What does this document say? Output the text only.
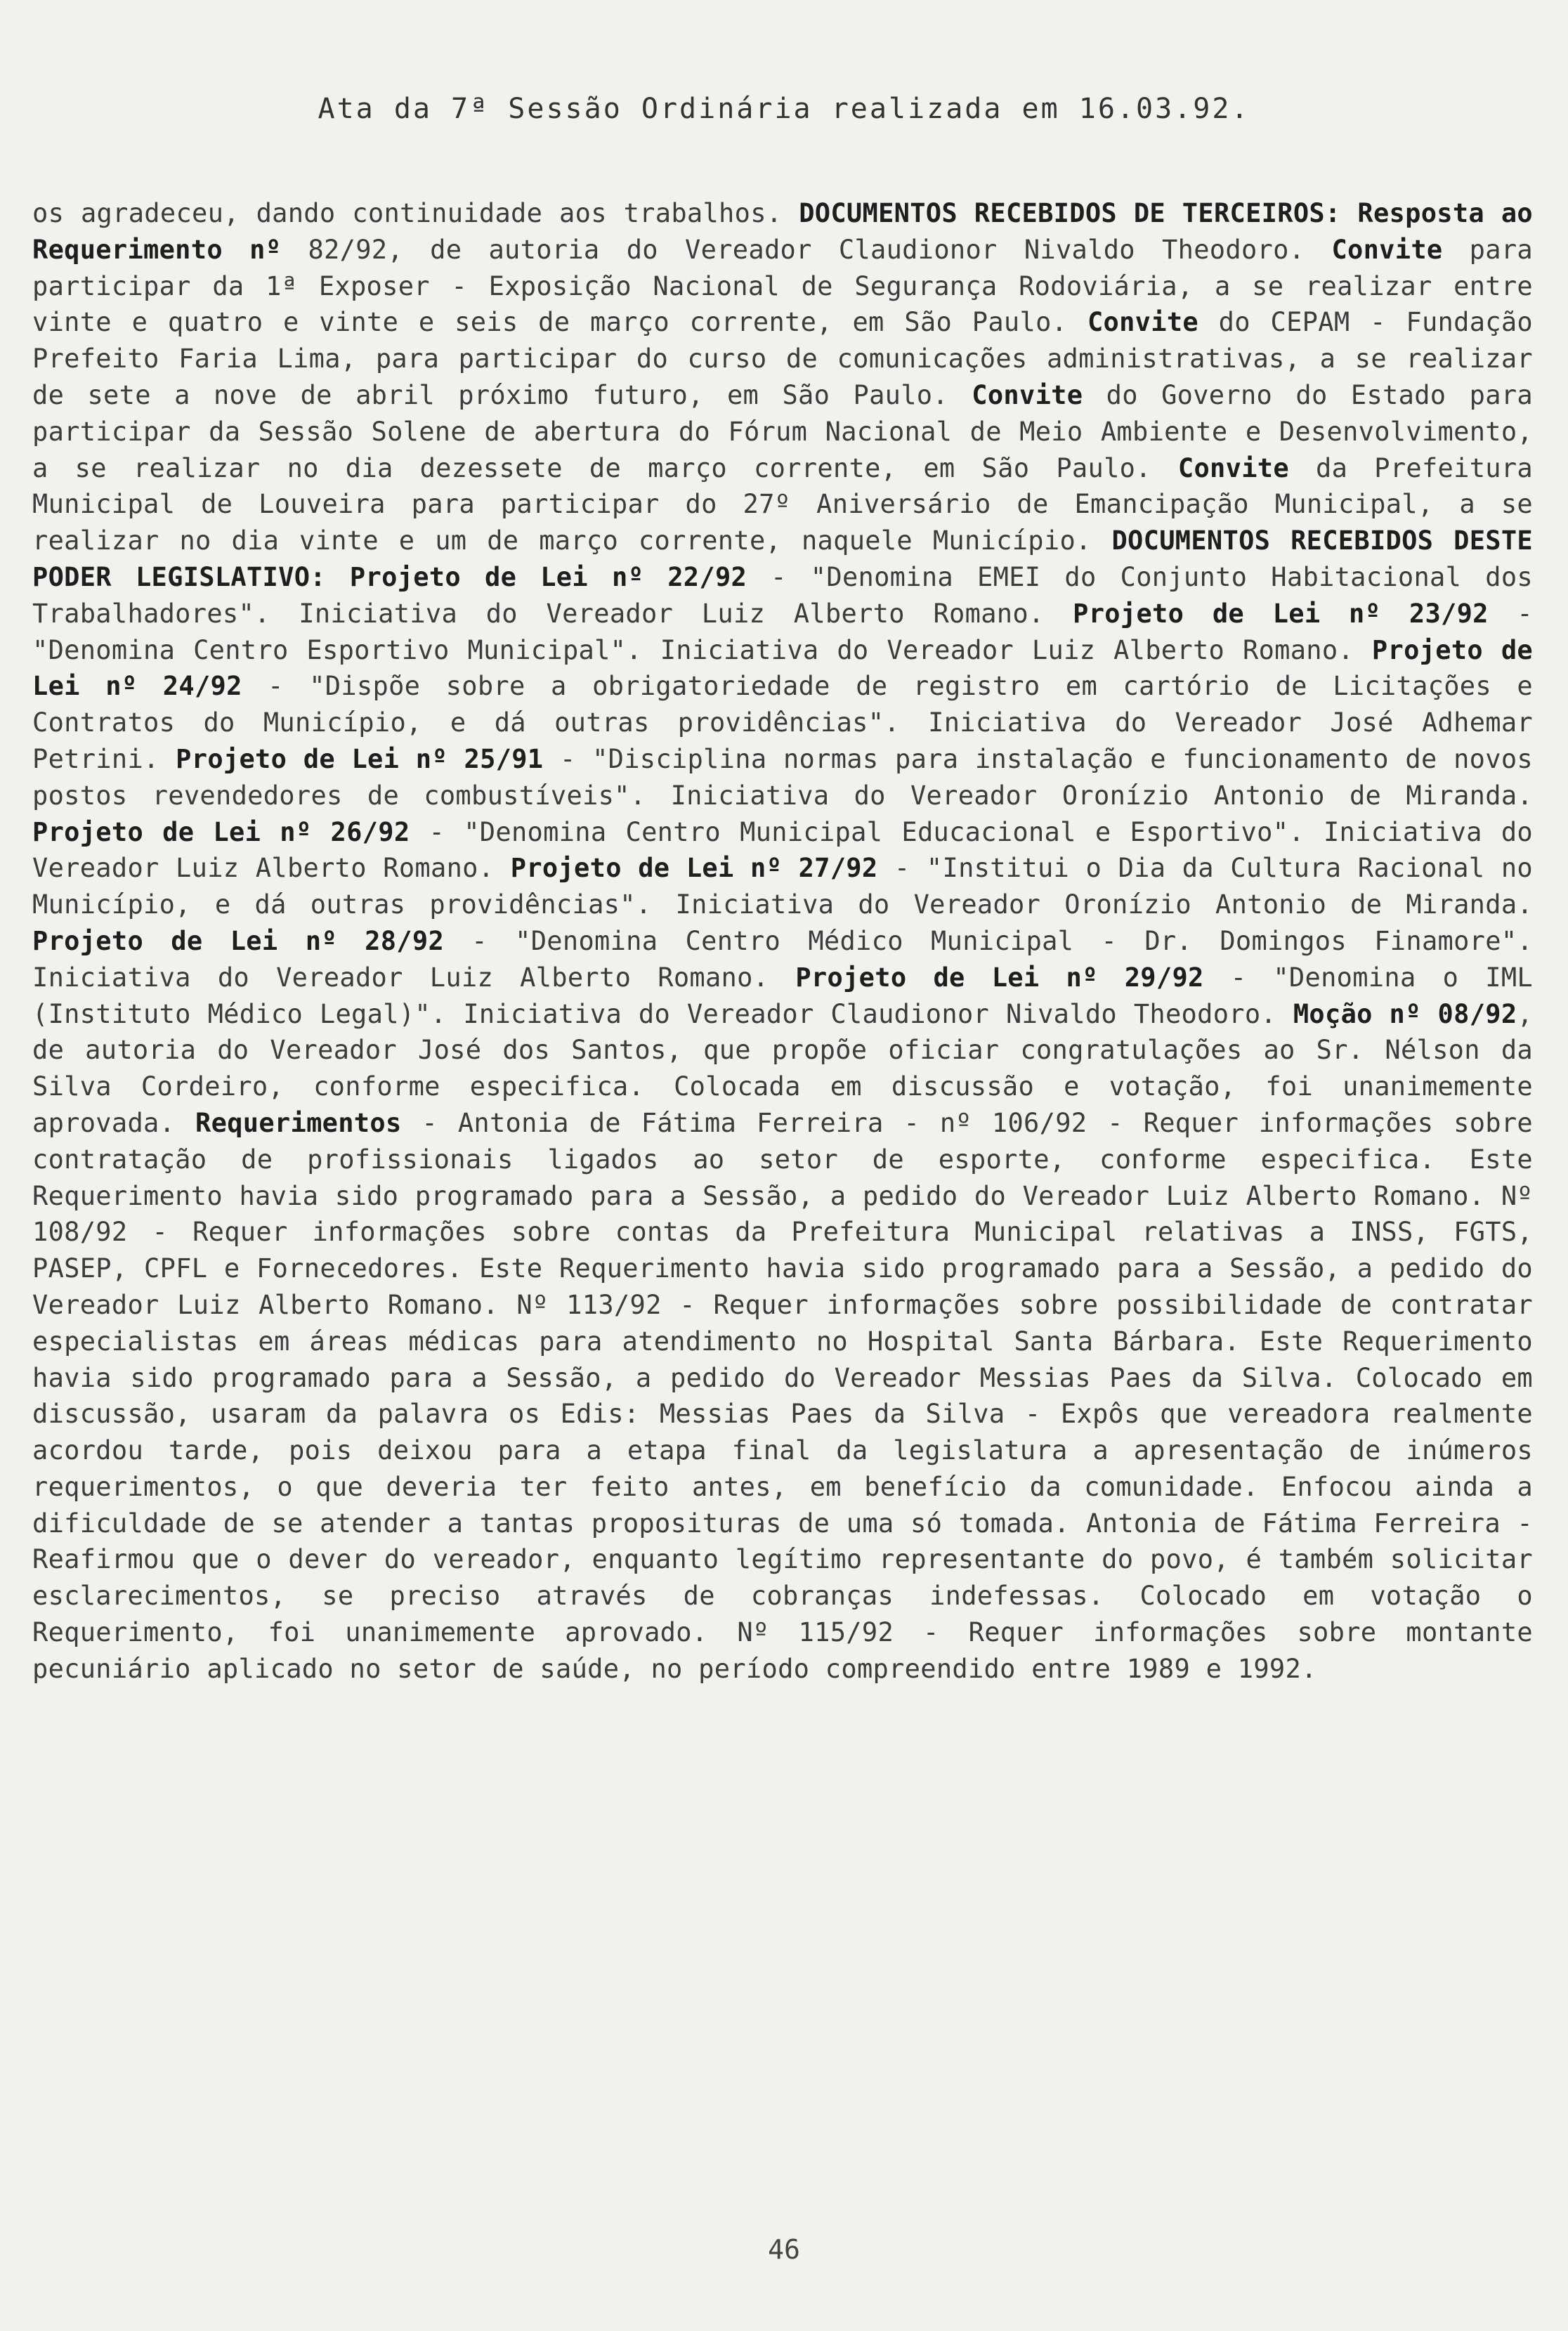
Ata da 7ª Sessão Ordinária realizada em 16.03.92.
os agradeceu, dando continuidade aos trabalhos. DOCUMENTOS RECEBIDOS DE TERCEIROS: Resposta ao Requerimento nº 82/92, de autoria do Vereador Claudionor Nivaldo Theodoro. Convite para participar da 1ª Exposer - Exposição Nacional de Segurança Rodoviária, a se realizar entre vinte e quatro e vinte e seis de março corrente, em São Paulo. Convite do CEPAM - Fundação Prefeito Faria Lima, para participar do curso de comunicações administrativas, a se realizar de sete a nove de abril próximo futuro, em São Paulo. Convite do Governo do Estado para participar da Sessão Solene de abertura do Fórum Nacional de Meio Ambiente e Desenvolvimento, a se realizar no dia dezessete de março corrente, em São Paulo. Convite da Prefeitura Municipal de Louveira para participar do 27º Aniversário de Emancipação Municipal, a se realizar no dia vinte e um de março corrente, naquele Município. DOCUMENTOS RECEBIDOS DESTE PODER LEGISLATIVO: Projeto de Lei nº 22/92 - "Denomina EMEI do Conjunto Habitacional dos Trabalhadores". Iniciativa do Vereador Luiz Alberto Romano. Projeto de Lei nº 23/92 - "Denomina Centro Esportivo Municipal". Iniciativa do Vereador Luiz Alberto Romano. Projeto de Lei nº 24/92 - "Dispõe sobre a obrigatoriedade de registro em cartório de Licitações e Contratos do Município, e dá outras providências". Iniciativa do Vereador José Adhemar Petrini. Projeto de Lei nº 25/91 - "Disciplina normas para instalação e funcionamento de novos postos revendedores de combustíveis". Iniciativa do Vereador Oronízio Antonio de Miranda. Projeto de Lei nº 26/92 - "Denomina Centro Municipal Educacional e Esportivo". Iniciativa do Vereador Luiz Alberto Romano. Projeto de Lei nº 27/92 - "Institui o Dia da Cultura Racional no Município, e dá outras providências". Iniciativa do Vereador Oronízio Antonio de Miranda. Projeto de Lei nº 28/92 - "Denomina Centro Médico Municipal - Dr. Domingos Finamore". Iniciativa do Vereador Luiz Alberto Romano. Projeto de Lei nº 29/92 - "Denomina o IML (Instituto Médico Legal)". Iniciativa do Vereador Claudionor Nivaldo Theodoro. Moção nº 08/92, de autoria do Vereador José dos Santos, que propõe oficiar congratulações ao Sr. Nélson da Silva Cordeiro, conforme especifica. Colocada em discussão e votação, foi unanimemente aprovada. Requerimentos - Antonia de Fátima Ferreira - nº 106/92 - Requer informações sobre contratação de profissionais ligados ao setor de esporte, conforme especifica. Este Requerimento havia sido programado para a Sessão, a pedido do Vereador Luiz Alberto Romano. Nº 108/92 - Requer informações sobre contas da Prefeitura Municipal relativas a INSS, FGTS, PASEP, CPFL e Fornecedores. Este Requerimento havia sido programado para a Sessão, a pedido do Vereador Luiz Alberto Romano. Nº 113/92 - Requer informações sobre possibilidade de contratar especialistas em áreas médicas para atendimento no Hospital Santa Bárbara. Este Requerimento havia sido programado para a Sessão, a pedido do Vereador Messias Paes da Silva. Colocado em discussão, usaram da palavra os Edis: Messias Paes da Silva - Expôs que vereadora realmente acordou tarde, pois deixou para a etapa final da legislatura a apresentação de inúmeros requerimentos, o que deveria ter feito antes, em benefício da comunidade. Enfocou ainda a dificuldade de se atender a tantas proposituras de uma só tomada. Antonia de Fátima Ferreira - Reafirmou que o dever do vereador, enquanto legítimo representante do povo, é também solicitar esclarecimentos, se preciso através de cobranças indefessas. Colocado em votação o Requerimento, foi unanimemente aprovado. Nº 115/92 - Requer informações sobre montante pecuniário aplicado no setor de saúde, no período compreendido entre 1989 e 1992.
46
